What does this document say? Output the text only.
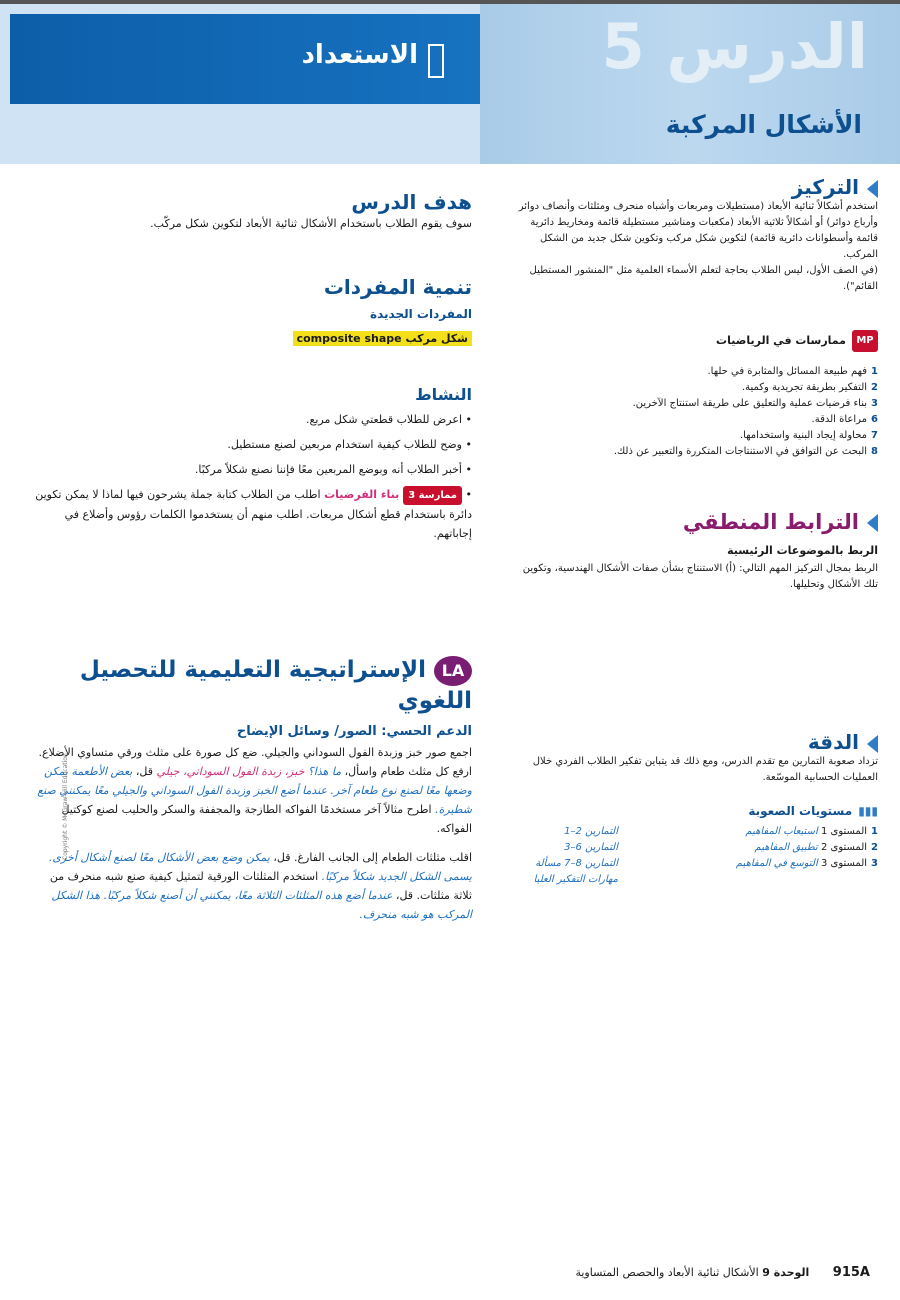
الاستعداد	الدرس 5
الأشكال المركبة
التركيز
استخدم أشكالاً ثنائية الأبعاد (مستطيلات ومربعات وأشباه منحرف ومثلثات وأنصاف دوائر وأرباع دوائر) أو أشكالاً ثلاثية الأبعاد (مكعبات ومناشير مستطيلة قائمة ومخاريط دائرية قائمة وأسطوانات دائرية قائمة) لتكوين شكل مركب وتكوين شكل جديد من الشكل المركب.
(في الصف الأول، ليس الطلاب بحاجة لتعلم الأسماء العلمية مثل "المنشور المستطيل القائم").
MPممارسات في الرياضيات
1فهم طبيعة المسائل والمثابرة في حلها.
2التفكير بطريقة تجريدية وكمية.
3بناء فرضيات عملية والتعليق على طريقة استنتاج الآخرين.
6مراعاة الدقة.
7محاولة إيجاد البنية واستخدامها.
8البحث عن التوافق في الاستنتاجات المتكررة والتعبير عن ذلك.
الترابط المنطقي
الربط بالموضوعات الرئيسية
الربط بمجال التركيز المهم التالي: (أ) الاستنتاج بشأن صفات الأشكال الهندسية، وتكوين تلك الأشكال وتحليلها.
الدقة
تزداد صعوبة التمارين مع تقدم الدرس، ومع ذلك قد يتباين تفكير الطلاب الفردي خلال العمليات الحسابية الموسّعة.
▮▮▮مستويات الصعوبة
1المستوى 1 استيعاب المفاهيم
التمارين 2–1
2المستوى 2 تطبيق المفاهيم
التمارين 6–3
3المستوى 3 التوسع في المفاهيم
التمارين 8–7 مسألة مهارات التفكير العليا
هدف الدرس
سوف يقوم الطلاب باستخدام الأشكال ثنائية الأبعاد لتكوين شكل مركّب.
تنمية المفردات
المفردات الجديدة
شكل مركب composite shape
النشاط
• اعرض للطلاب قطعتي شكل مربع.
• وضح للطلاب كيفية استخدام مربعين لصنع مستطيل.
• أخبر الطلاب أنه وبوضع المربعين معًا فإننا نصنع شكلاً مركبًا.
• ممارسة 3بناء الفرضيات اطلب من الطلاب كتابة جملة يشرحون فيها لماذا لا يمكن تكوين دائرة باستخدام قطع أشكال مربعات. اطلب منهم أن يستخدموا الكلمات رؤوس وأضلاع في إجاباتهم.
LAالإستراتيجية التعليمية للتحصيل اللغوي
الدعم الحسي: الصور/ وسائل الإيضاح
اجمع صور خبز وزبدة الفول السوداني والجيلي. ضع كل صورة على مثلث ورقي متساوي الأضلاع. ارفع كل مثلث طعام واسأل، ما هذا؟ خبز، زبدة الفول السوداني، جيلي قل، بعض الأطعمة يمكن وضعها معًا لصنع نوع طعام آخر. عندما أضع الخبز وزبدة الفول السوداني والجيلي معًا يمكنني صنع شطيرة. اطرح مثالاً آخر مستخدمًا الفواكه الطازجة والمجففة والسكر والحليب لصنع كوكتيل الفواكه.
اقلب مثلثات الطعام إلى الجانب الفارغ. قل، يمكن وضع بعض الأشكال معًا لصنع أشكال أخرى. يسمى الشكل الجديد شكلاً مركبًا. استخدم المثلثات الورقية لتمثيل كيفية صنع شبه منحرف من ثلاثة مثلثات. قل، عندما أضع هذه المثلثات الثلاثة معًا، يمكنني أن أصنع شكلاً مركبًا. هذا الشكل المركب هو شبه منحرف.
Copyright © McGraw-Hill Education
915A الوحدة 9 الأشكال ثنائية الأبعاد والحصص المتساوية
